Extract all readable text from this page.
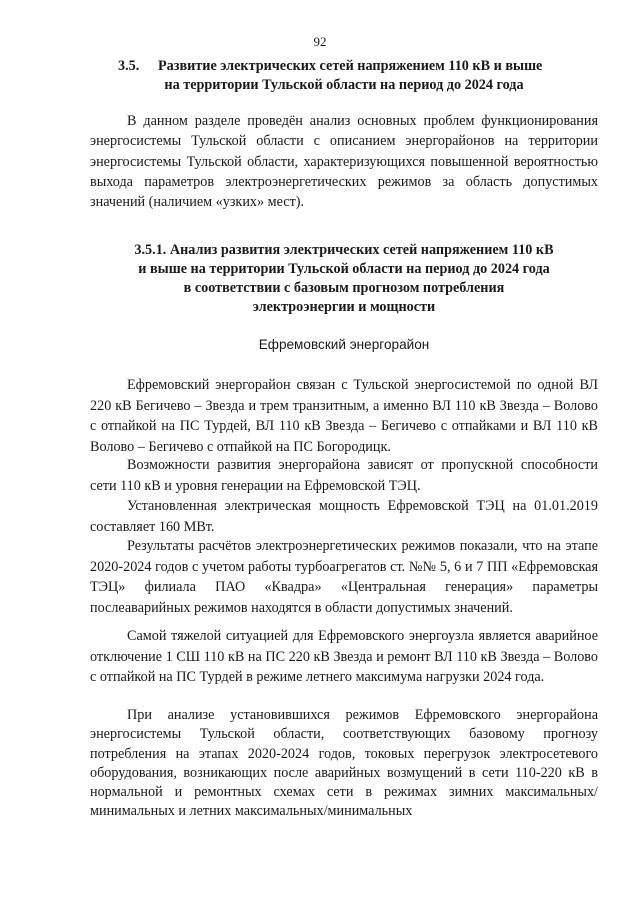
92
3.5. Развитие электрических сетей напряжением 110 кВ и выше
на территории Тульской области на период до 2024 года
В данном разделе проведён анализ основных проблем функционирования энергосистемы Тульской области с описанием энергорайонов на территории энергосистемы Тульской области, характеризующихся повышенной вероятностью выхода параметров электроэнергетических режимов за область допустимых значений (наличием «узких» мест).
3.5.1. Анализ развития электрических сетей напряжением 110 кВ
и выше на территории Тульской области на период до 2024 года
в соответствии с базовым прогнозом потребления
электроэнергии и мощности
Ефремовский энергорайон
Ефремовский энергорайон связан с Тульской энергосистемой по одной ВЛ 220 кВ Бегичево – Звезда и трем транзитным, а именно ВЛ 110 кВ Звезда – Волово с отпайкой на ПС Турдей, ВЛ 110 кВ Звезда – Бегичево с отпайками и ВЛ 110 кВ Волово – Бегичево с отпайкой на ПС Богородицк.
Возможности развития энергорайона зависят от пропускной способности сети 110 кВ и уровня генерации на Ефремовской ТЭЦ.
Установленная электрическая мощность Ефремовской ТЭЦ на 01.01.2019 составляет 160 МВт.
Результаты расчётов электроэнергетических режимов показали, что на этапе 2020-2024 годов с учетом работы турбоагрегатов ст. №№ 5, 6 и 7 ПП «Ефремовская ТЭЦ» филиала ПАО «Квадра» «Центральная генерация» параметры послеаварийных режимов находятся в области допустимых значений.
Самой тяжелой ситуацией для Ефремовского энергоузла является аварийное отключение 1 СШ 110 кВ на ПС 220 кВ Звезда и ремонт ВЛ 110 кВ Звезда – Волово с отпайкой на ПС Турдей в режиме летнего максимума нагрузки 2024 года.
При анализе установившихся режимов Ефремовского энергорайона энергосистемы Тульской области, соответствующих базовому прогнозу потребления на этапах 2020-2024 годов, токовых перегрузок электросетевого оборудования, возникающих после аварийных возмущений в сети 110-220 кВ в нормальной и ремонтных схемах сети в режимах зимних максимальных/минимальных и летних максимальных/минимальных
